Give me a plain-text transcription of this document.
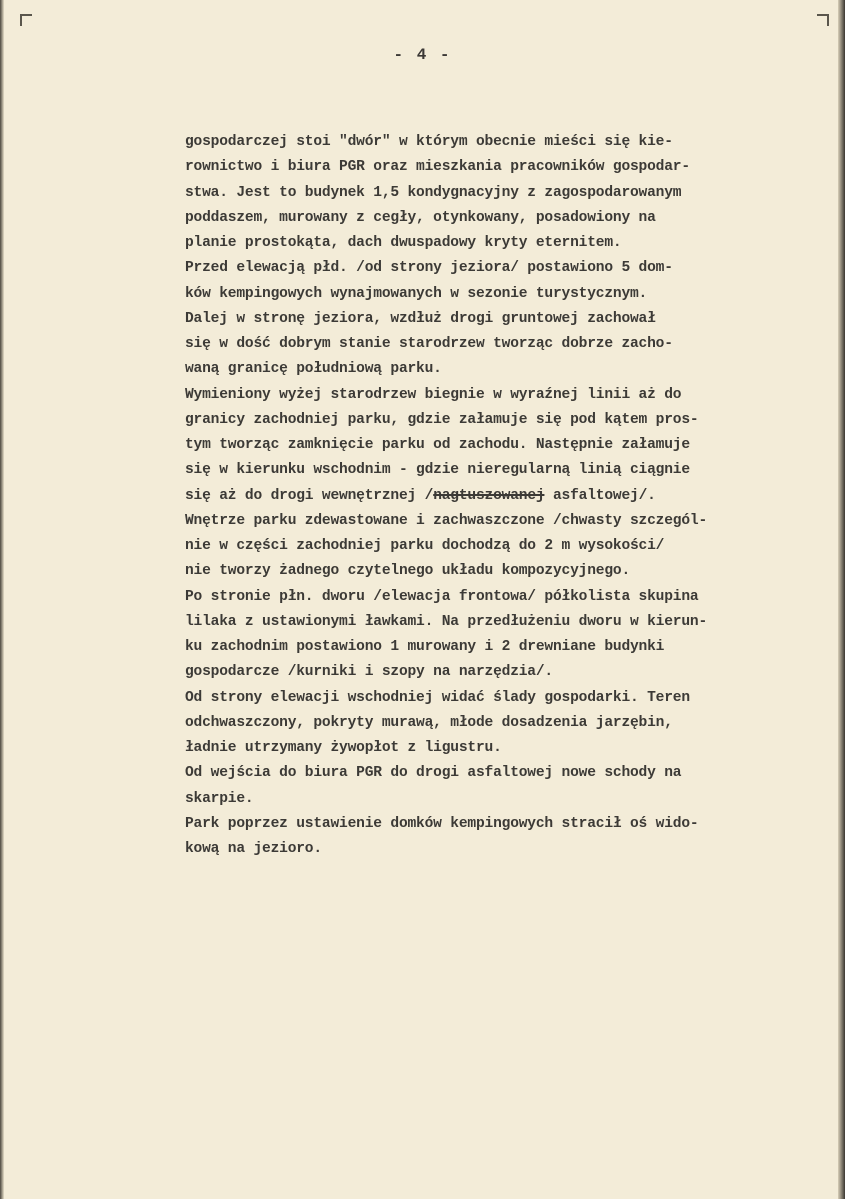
- 4 -
gospodarczej stoi "dwór" w którym obecnie mieści się kie-
rownictwo i biura PGR oraz mieszkania pracowników gospodar-
stwa. Jest to budynek 1,5 kondygnacyjny z zagospodarowanym
poddaszem, murowany z cegły, otynkowany, posadowiony na
planie prostokąta, dach dwuspadowy kryty eternitem.
Przed elewacją płd. /od strony jeziora/ postawiono 5 dom-
ków kempingowych wynajmowanych w sezonie turystycznym.
Dalej w stronę jeziora, wzdłuż drogi gruntowej zachował
się w dość dobrym stanie starodrzew tworząc dobrze zacho-
waną granicę południową parku.
Wymieniony wyżej starodrzew biegnie w wyraźnej linii aż do
granicy zachodniej parku, gdzie załamuje się pod kątem pros-
tym tworząc zamknięcie parku od zachodu. Następnie załamuje
się w kierunku wschodnim - gdzie nieregularną linią ciągnie
się aż do drogi wewnętrznej /nagtuszowanej asfaltowej/.
Wnętrze parku zdewastowane i zachwaszczone /chwasty szczegól-
nie w części zachodniej parku dochodzą do 2 m wysokości/
nie tworzy żadnego czytelnego układu kompozycyjnego.
Po stronie płn. dworu /elewacja frontowa/ półkolista skupina
lilaka z ustawionymi ławkami. Na przedłużeniu dworu w kierun-
ku zachodnim postawiono 1 murowany i 2 drewniane budynki
gospodarcze /kurniki i szopy na narzędzia/.
Od strony elewacji wschodniej widać ślady gospodarki. Teren
odchwaszczony, pokryty murawą, młode dosadzenia jarzębin,
ładnie utrzymany żywopłot z ligustru.
Od wejścia do biura PGR do drogi asfaltowej nowe schody na
skarpie.
Park poprzez ustawienie domków kempingowych stracił oś wido-
kową na jezioro.
